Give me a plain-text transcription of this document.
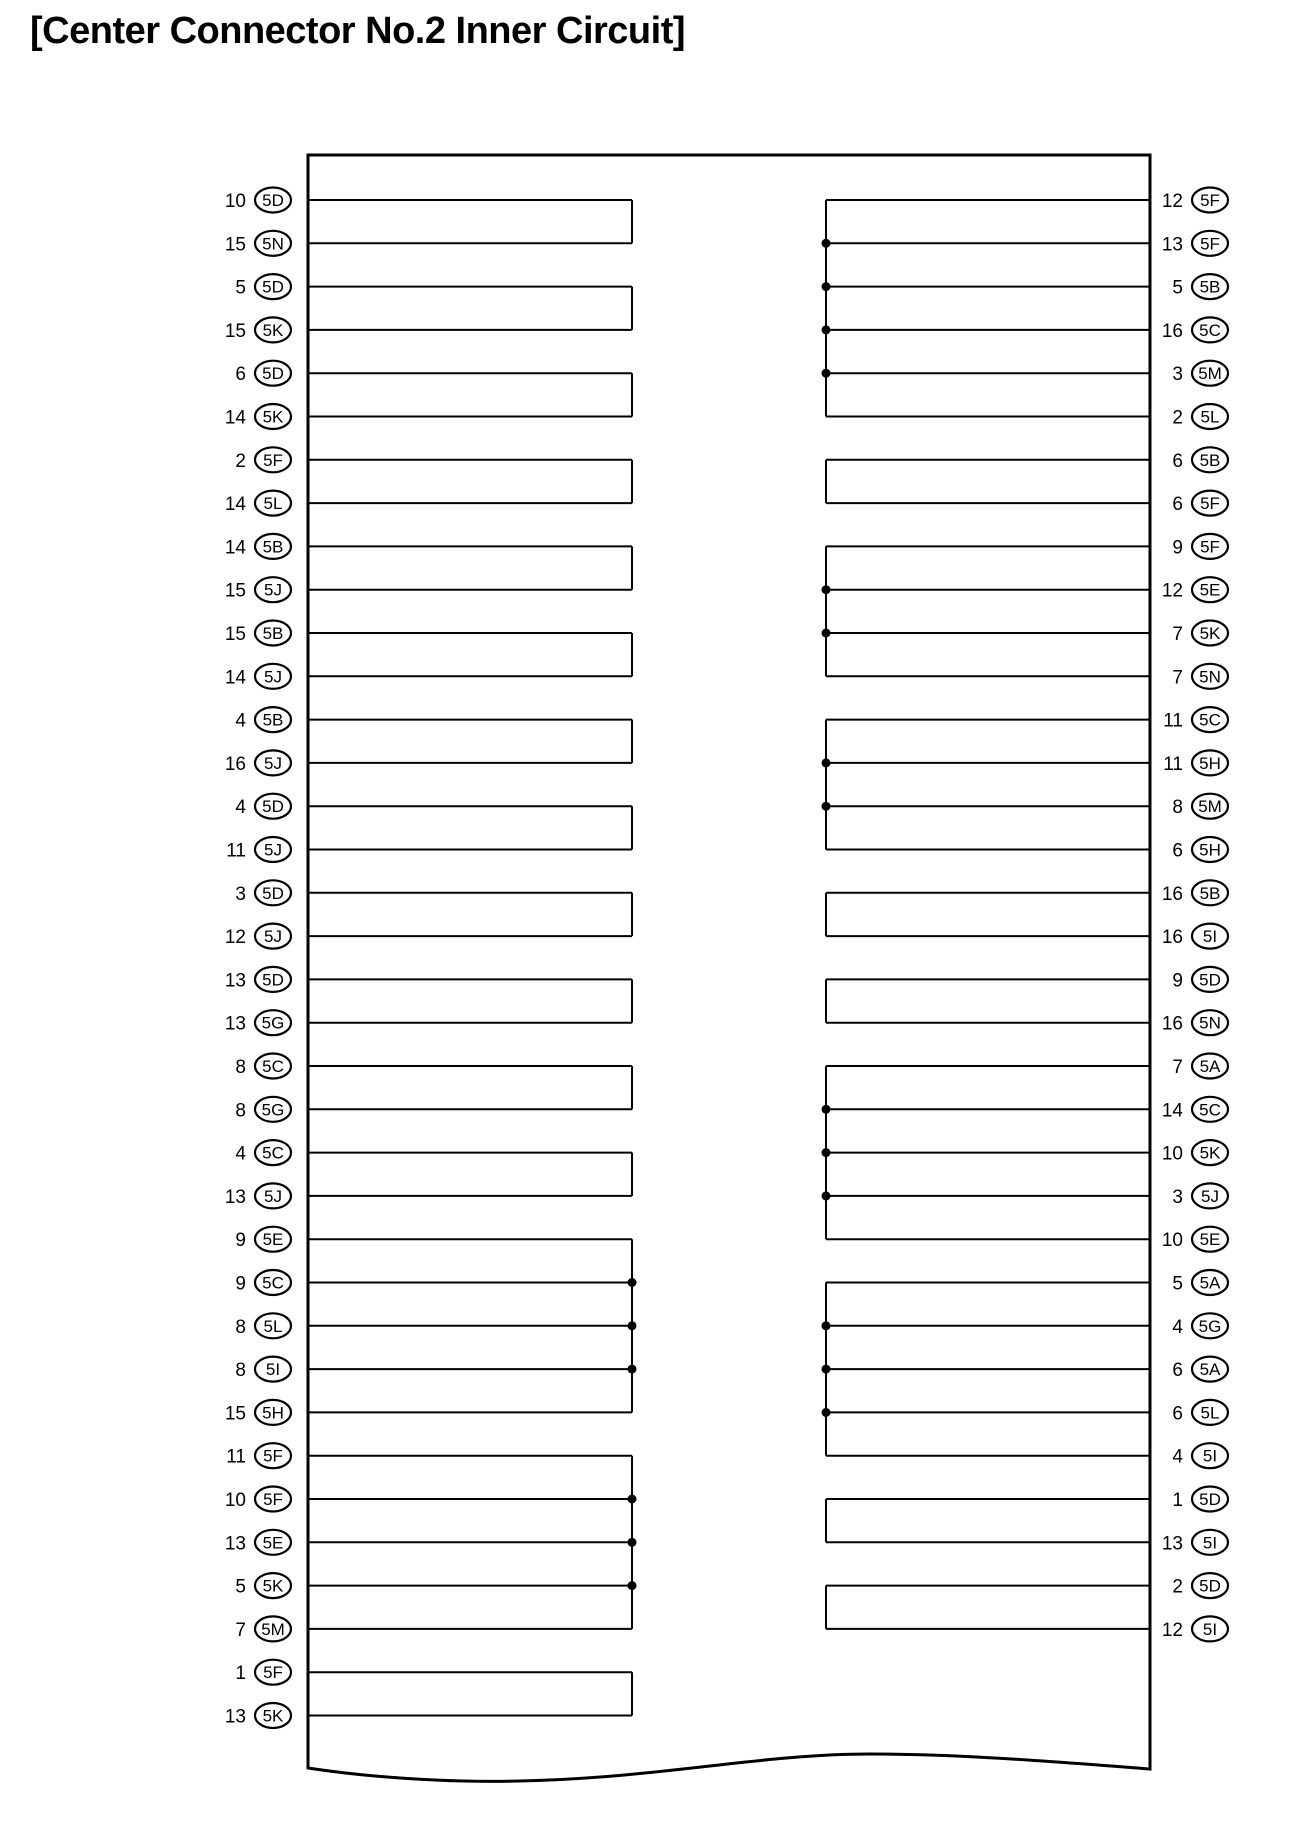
[Center Connector No.2 Inner Circuit]
10 5D
15 5N
5 5D
15 5K
6 5D
14 5K
2 5F
14 5L
14 5B
15 5J
15 5B
14 5J
4 5B
16 5J
4 5D
11 5J
3 5D
12 5J
13 5D
13 5G
8 5C
8 5G
4 5C
13 5J
9 5E
9 5C
8 5L
8 5I
15 5H
11 5F
10 5F
13 5E
5 5K
7 5M
1 5F
13 5K
12 5F
13 5F
5 5B
16 5C
3 5M
2 5L
6 5B
6 5F
9 5F
12 5E
7 5K
7 5N
11 5C
11 5H
8 5M
6 5H
16 5B
16 5I
9 5D
16 5N
7 5A
14 5C
10 5K
3 5J
10 5E
5 5A
4 5G
6 5A
6 5L
4 5I
1 5D
13 5I
2 5D
12 5I
